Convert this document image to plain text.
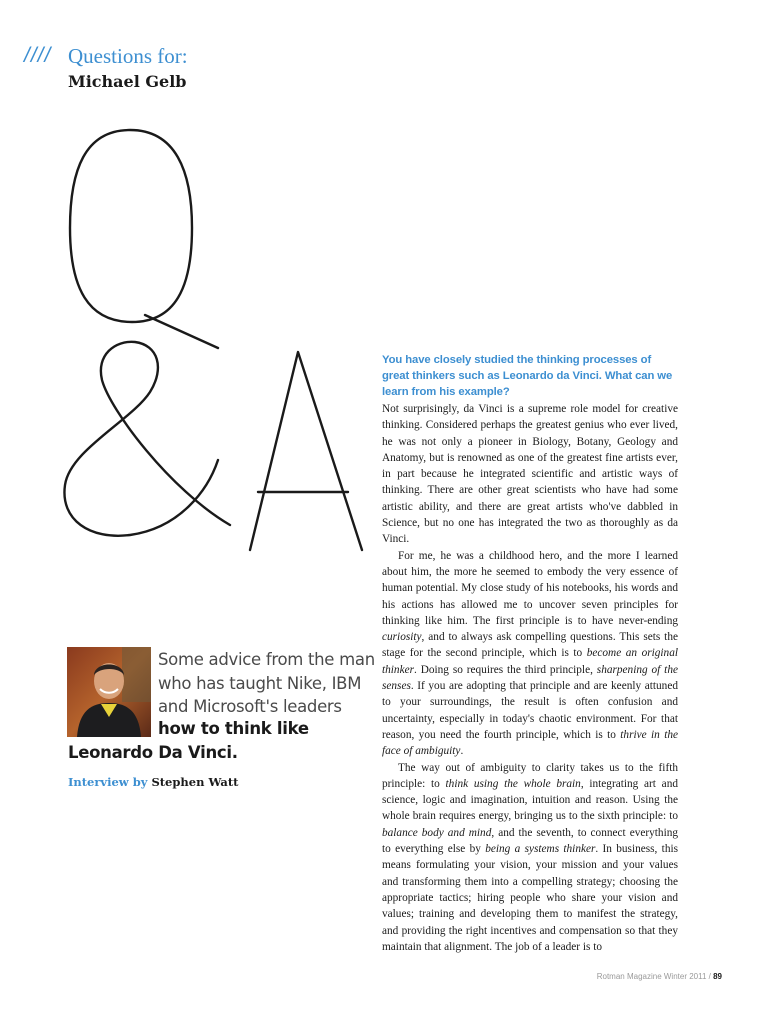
//// Questions for:
Michael Gelb
Some advice from the man who has taught Nike, IBM and Microsoft's leaders
how to think like
Leonardo Da Vinci.
Interview by Stephen Watt

You have closely studied the thinking processes of great thinkers such as Leonardo da Vinci. What can we learn from his example?

Not surprisingly, da Vinci is a supreme role model for creative thinking. Considered perhaps the greatest genius who ever lived, he was not only a pioneer in Biology, Botany, Geology and Anatomy, but is renowned as one of the greatest fine artists ever, in part because he integrated scientific and artistic ways of thinking. There are other great scientists who have had some artistic ability, and there are great artists who've dabbled in Science, but no one has integrated the two as thoroughly as da Vinci.

For me, he was a childhood hero, and the more I learned about him, the more he seemed to embody the very essence of human potential. My close study of his notebooks, his words and his actions has allowed me to uncover seven principles for thinking like him. The first principle is to have never-ending curiosity, and to always ask compelling questions. This sets the stage for the second principle, which is to become an original thinker. Doing so requires the third principle, sharpening of the senses. If you are adopting that principle and are keenly attuned to your surroundings, the result is often confusion and uncertainty, especially in today's chaotic environment. For that reason, you need the fourth principle, which is to thrive in the face of ambiguity.

The way out of ambiguity to clarity takes us to the fifth principle: to think using the whole brain, integrating art and science, logic and imagination, intuition and reason. Using the whole brain requires energy, bringing us to the sixth principle: to balance body and mind, and the seventh, to connect everything to everything else by being a systems thinker. In business, this means formulating your vision, your mission and your values and transforming them into a compelling strategy; choosing the appropriate tactics; hiring people who share your vision and values; training and developing them to manifest the strategy, and providing the right incentives and compensation so that they maintain that alignment. The job of a leader is to

Rotman Magazine Winter 2011 / 89
